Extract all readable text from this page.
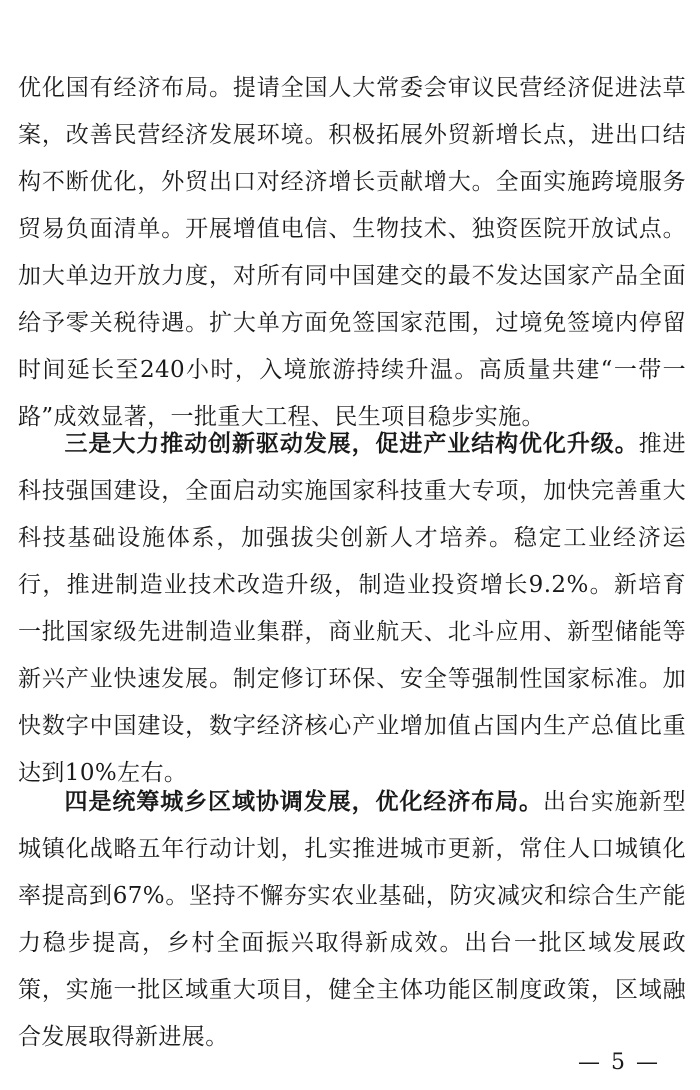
优化国有经济布局。提请全国人大常委会审议民营经济促进法草案，改善民营经济发展环境。积极拓展外贸新增长点，进出口结构不断优化，外贸出口对经济增长贡献增大。全面实施跨境服务贸易负面清单。开展增值电信、生物技术、独资医院开放试点。加大单边开放力度，对所有同中国建交的最不发达国家产品全面给予零关税待遇。扩大单方面免签国家范围，过境免签境内停留时间延长至240小时，入境旅游持续升温。高质量共建“一带一路”成效显著，一批重大工程、民生项目稳步实施。

三是大力推动创新驱动发展，促进产业结构优化升级。推进科技强国建设，全面启动实施国家科技重大专项，加快完善重大科技基础设施体系，加强拔尖创新人才培养。稳定工业经济运行，推进制造业技术改造升级，制造业投资增长9.2%。新培育一批国家级先进制造业集群，商业航天、北斗应用、新型储能等新兴产业快速发展。制定修订环保、安全等强制性国家标准。加快数字中国建设，数字经济核心产业增加值占国内生产总值比重达到10%左右。

四是统筹城乡区域协调发展，优化经济布局。出台实施新型城镇化战略五年行动计划，扎实推进城市更新，常住人口城镇化率提高到67%。坚持不懈夯实农业基础，防灾减灾和综合生产能力稳步提高，乡村全面振兴取得新成效。出台一批区域发展政策，实施一批区域重大项目，健全主体功能区制度政策，区域融合发展取得新进展。

— 5 —
